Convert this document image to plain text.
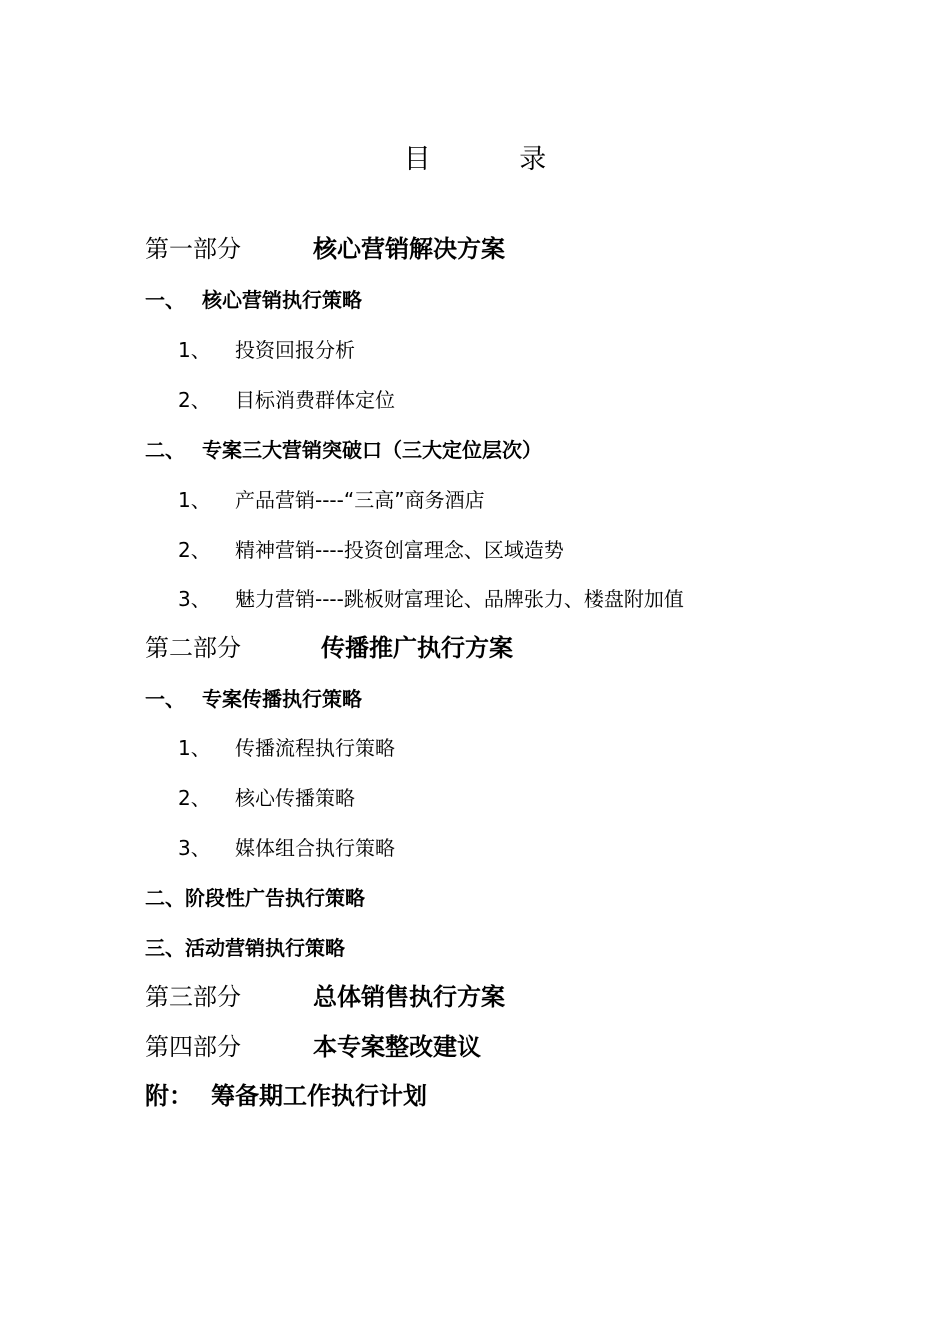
目 录
第一部分	核心营销解决方案
一、 核心营销执行策略
1、 投资回报分析
2、 目标消费群体定位
二、 专案三大营销突破口（三大定位层次）
1、 产品营销----“三高”商务酒店
2、 精神营销----投资创富理念、区域造势
3、 魅力营销----跳板财富理论、品牌张力、楼盘附加值
第二部分	传播推广执行方案
一、 专案传播执行策略
1、 传播流程执行策略
2、 核心传播策略
3、 媒体组合执行策略
二、阶段性广告执行策略
三、活动营销执行策略
第三部分	总体销售执行方案
第四部分	本专案整改建议
附： 筹备期工作执行计划
